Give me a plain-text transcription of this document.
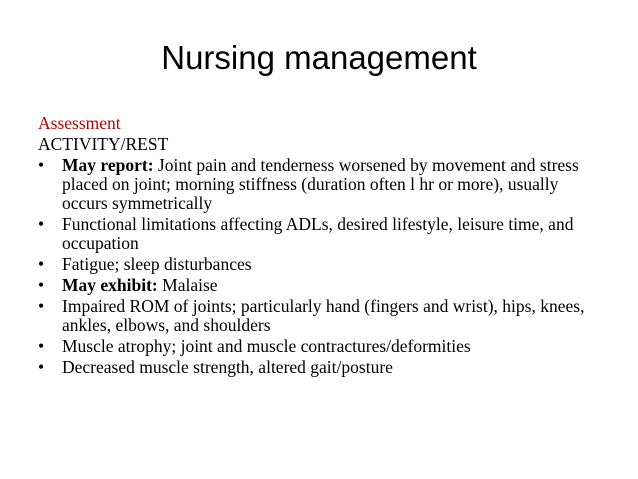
Nursing management
Assessment
ACTIVITY/REST
• May report: Joint pain and tenderness worsened by movement and stress placed on joint; morning stiffness (duration often l hr or more), usually occurs symmetrically
• Functional limitations affecting ADLs, desired lifestyle, leisure time, and occupation
• Fatigue; sleep disturbances
• May exhibit: Malaise
• Impaired ROM of joints; particularly hand (fingers and wrist), hips, knees, ankles, elbows, and shoulders
• Muscle atrophy; joint and muscle contractures/deformities
• Decreased muscle strength, altered gait/posture
